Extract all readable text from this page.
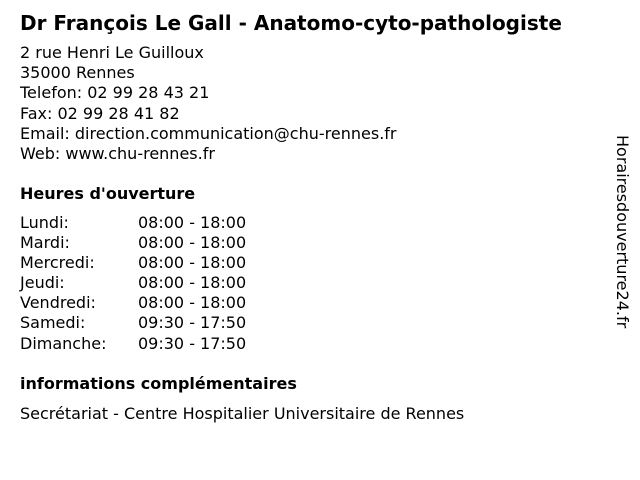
Dr François Le Gall - Anatomo-cyto-pathologiste
2 rue Henri Le Guilloux
35000 Rennes
Telefon: 02 99 28 43 21
Fax: 02 99 28 41 82
Email: direction.communication@chu-rennes.fr
Web: www.chu-rennes.fr
Heures d'ouverture
Lundi:	08:00 - 18:00
Mardi:	08:00 - 18:00
Mercredi:	08:00 - 18:00
Jeudi:	08:00 - 18:00
Vendredi:	08:00 - 18:00
Samedi:	09:30 - 17:50
Dimanche: 09:30 - 17:50
informations complémentaires
Secrétariat - Centre Hospitalier Universitaire de Rennes
Horairesdouverture24.fr
